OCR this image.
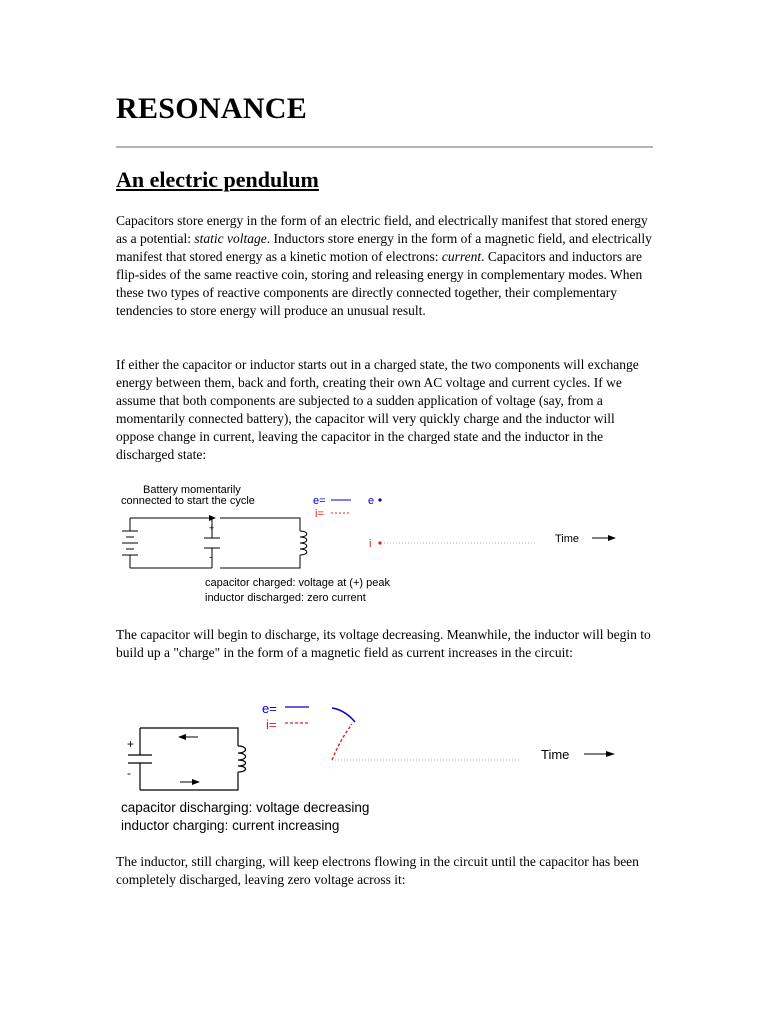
RESONANCE
An electric pendulum

Capacitors store energy in the form of an electric field, and electrically manifest that stored energy as a potential: static voltage. Inductors store energy in the form of a magnetic field, and electrically manifest that stored energy as a kinetic motion of electrons: current. Capacitors and inductors are flip-sides of the same reactive coin, storing and releasing energy in complementary modes. When these two types of reactive components are directly connected together, their complementary tendencies to store energy will produce an unusual result.

If either the capacitor or inductor starts out in a charged state, the two components will exchange energy between them, back and forth, creating their own AC voltage and current cycles. If we assume that both components are subjected to a sudden application of voltage (say, from a momentarily connected battery), the capacitor will very quickly charge and the inductor will oppose change in current, leaving the capacitor in the charged state and the inductor in the discharged state:

Battery momentarily
connected to start the cycle
+
-
e=
i=
e
i	Time
capacitor charged: voltage at (+) peak
inductor discharged: zero current

The capacitor will begin to discharge, its voltage decreasing. Meanwhile, the inductor will begin to build up a "charge" in the form of a magnetic field as current increases in the circuit:

+
-
e=
i=
Time
capacitor discharging: voltage decreasing
inductor charging: current increasing

The inductor, still charging, will keep electrons flowing in the circuit until the capacitor has been completely discharged, leaving zero voltage across it:
